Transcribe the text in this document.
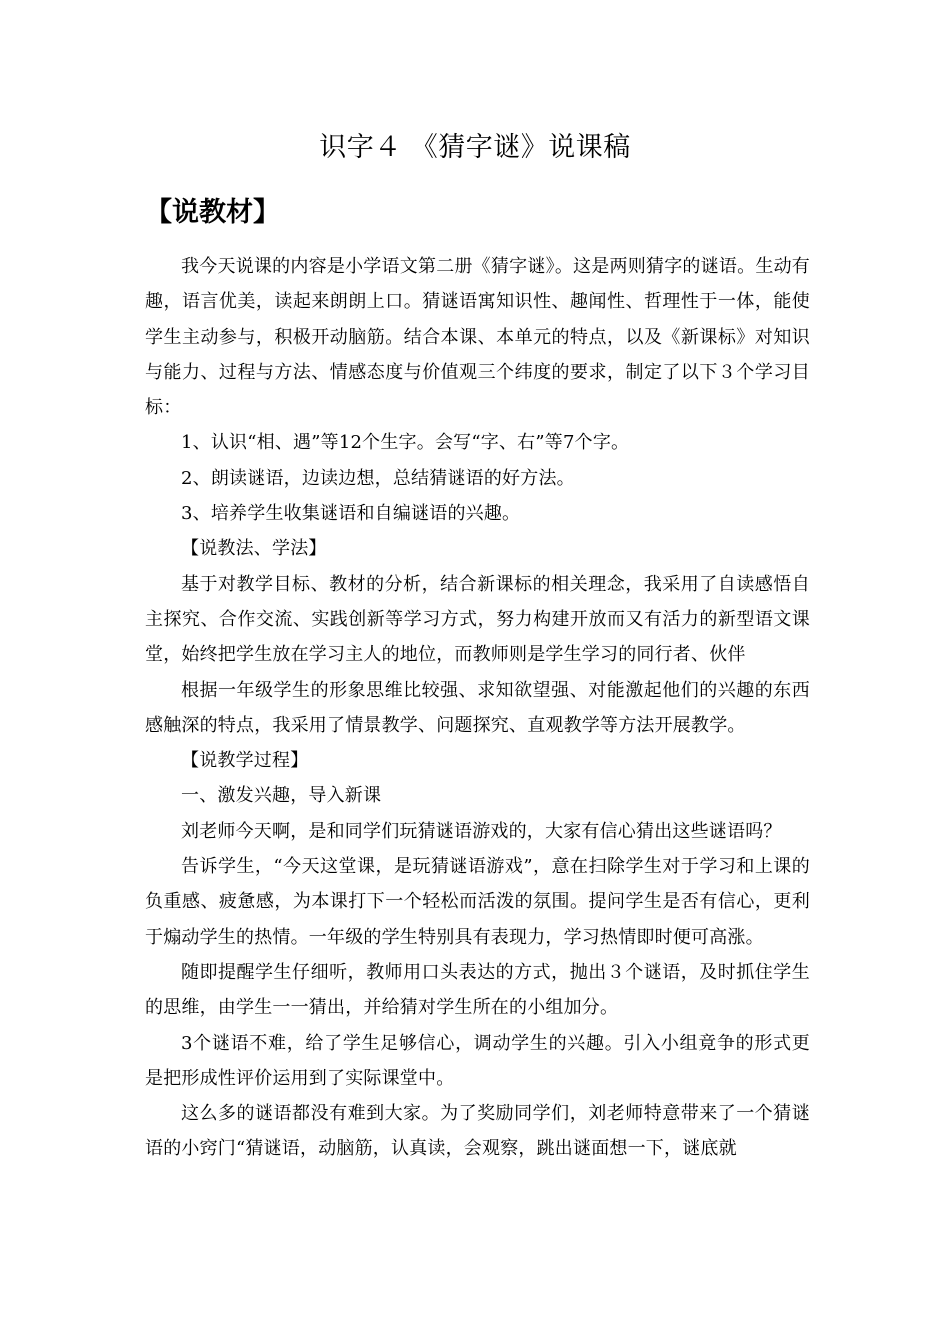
识字４ 《猜字谜》说课稿
【说教材】

我今天说课的内容是小学语文第二册《猜字谜》。这是两则猜字的谜语。生动有趣，语言优美，读起来朗朗上口。猜谜语寓知识性、趣闻性、哲理性于一体，能使学生主动参与，积极开动脑筋。结合本课、本单元的特点，以及《新课标》对知识与能力、过程与方法、情感态度与价值观三个纬度的要求，制定了以下３个学习目标：

1、认识“相、遇”等12个生字。会写“字、右”等7个字。

2、朗读谜语，边读边想，总结猜谜语的好方法。

3、培养学生收集谜语和自编谜语的兴趣。

【说教法、学法】

基于对教学目标、教材的分析，结合新课标的相关理念，我采用了自读感悟自主探究、合作交流、实践创新等学习方式，努力构建开放而又有活力的新型语文课堂，始终把学生放在学习主人的地位，而教师则是学生学习的同行者、伙伴

根据一年级学生的形象思维比较强、求知欲望强、对能激起他们的兴趣的东西感触深的特点，我采用了情景教学、问题探究、直观教学等方法开展教学。

【说教学过程】

一、激发兴趣，导入新课

刘老师今天啊，是和同学们玩猜谜语游戏的，大家有信心猜出这些谜语吗？

告诉学生，“今天这堂课，是玩猜谜语游戏”，意在扫除学生对于学习和上课的负重感、疲惫感，为本课打下一个轻松而活泼的氛围。提问学生是否有信心，更利于煽动学生的热情。一年级的学生特别具有表现力，学习热情即时便可高涨。

随即提醒学生仔细听，教师用口头表达的方式，抛出３个谜语，及时抓住学生的思维，由学生一一猜出，并给猜对学生所在的小组加分。

3个谜语不难，给了学生足够信心，调动学生的兴趣。引入小组竟争的形式更是把形成性评价运用到了实际课堂中。

这么多的谜语都没有难到大家。为了奖励同学们，刘老师特意带来了一个猜谜语的小窍门“猜谜语，动脑筋，认真读，会观察，跳出谜面想一下，谜底就
